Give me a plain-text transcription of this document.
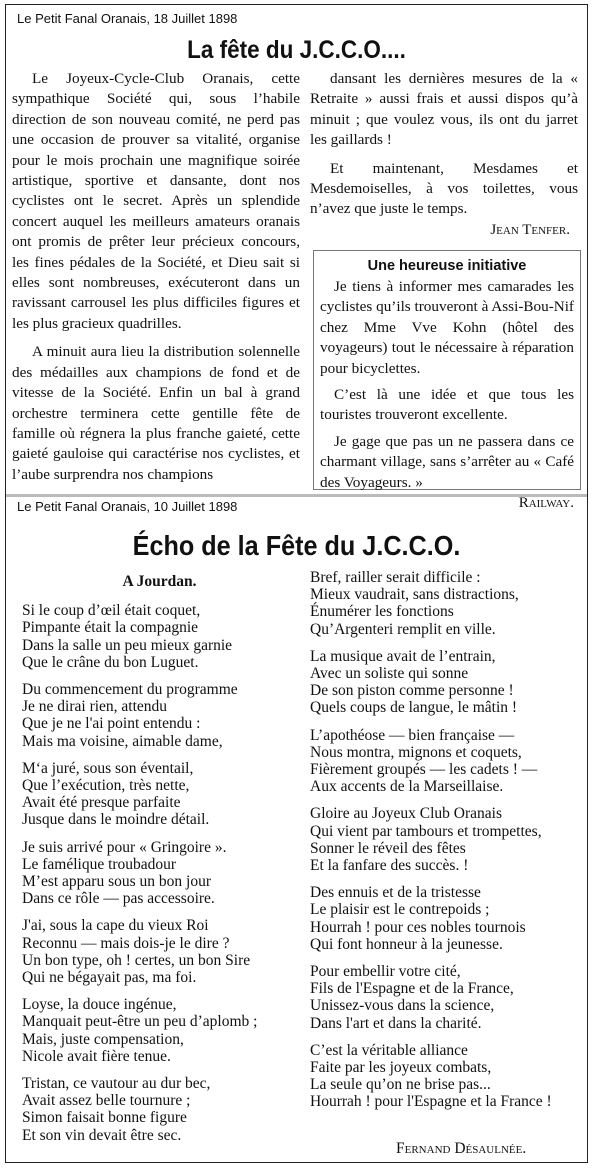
Le Petit Fanal Oranais, 18 Juillet 1898
La fête du J.C.C.O....

Le Joyeux-Cycle-Club Oranais, cette sympathique Société qui, sous l’habile direction de son nouveau comité, ne perd pas une occasion de prouver sa vitalité, organise pour le mois prochain une magnifique soirée artistique, sportive et dansante, dont nos cyclistes ont le secret. Après un splendide concert auquel les meilleurs amateurs oranais ont promis de prêter leur précieux concours, les fines pédales de la Société, et Dieu sait si elles sont nombreuses, exécuteront dans un ravissant carrousel les plus difficiles figures et les plus gracieux quadrilles.

A minuit aura lieu la distribution solennelle des médailles aux champions de fond et de vitesse de la Société. Enfin un bal à grand orchestre terminera cette gentille fête de famille où régnera la plus franche gaieté, cette gaieté gauloise qui caractérise nos cyclistes, et l’aube surprendra nos champions

dansant les dernières mesures de la « Retraite » aussi frais et aussi dispos qu’à minuit ; que voulez vous, ils ont du jarret les gaillards !

Et maintenant, Mesdames et Mesdemoiselles, à vos toilettes, vous n’avez que juste le temps.

Jean Tenfer.
Une heureuse initiative

Je tiens à informer mes camarades les cyclistes qu’ils trouveront à Assi-Bou-Nif chez Mme Vve Kohn (hôtel des voyageurs) tout le nécessaire à réparation pour bicyclettes.

C’est là une idée et que tous les touristes trouveront excellente.

Je gage que pas un ne passera dans ce charmant village, sans s’arrêter au « Café des Voyageurs. »

Railway.
Le Petit Fanal Oranais, 10 Juillet 1898
Écho de la Fête du J.C.C.O.
A Jourdan.
Si le coup d’œil était coquet,
Pimpante était la compagnie
Dans la salle un peu mieux garnie
Que le crâne du bon Luguet.
Du commencement du programme
Je ne dirai rien, attendu
Que je ne l'ai point entendu :
Mais ma voisine, aimable dame,
M‘a juré, sous son éventail,
Que l’exécution, très nette,
Avait été presque parfaite
Jusque dans le moindre détail.
Je suis arrivé pour « Gringoire ».
Le famélique troubadour
M’est apparu sous un bon jour
Dans ce rôle — pas accessoire.
J'ai, sous la cape du vieux Roi
Reconnu — mais dois-je le dire ?
Un bon type, oh ! certes, un bon Sire
Qui ne bégayait pas, ma foi.
Loyse, la douce ingénue,
Manquait peut-être un peu d’aplomb ;
Mais, juste compensation,
Nicole avait fière tenue.
Tristan, ce vautour au dur bec,
Avait assez belle tournure ;
Simon faisait bonne figure
Et son vin devait être sec.
Bref, railler serait difficile :
Mieux vaudrait, sans distractions,
Énumérer les fonctions
Qu’Argenteri remplit en ville.
La musique avait de l’entrain,
Avec un soliste qui sonne
De son piston comme personne !
Quels coups de langue, le mâtin !
L’apothéose — bien française —
Nous montra, mignons et coquets,
Fièrement groupés — les cadets ! —
Aux accents de la Marseillaise.
Gloire au Joyeux Club Oranais
Qui vient par tambours et trompettes,
Sonner le réveil des fêtes
Et la fanfare des succès. !
Des ennuis et de la tristesse
Le plaisir est le contrepoids ;
Hourrah ! pour ces nobles tournois
Qui font honneur à la jeunesse.
Pour embellir votre cité,
Fils de l'Espagne et de la France,
Unissez-vous dans la science,
Dans l'art et dans la charité.
C’est la véritable alliance
Faite par les joyeux combats,
La seule qu’on ne brise pas...
Hourrah ! pour l'Espagne et la France !
Fernand Désaulnée.
